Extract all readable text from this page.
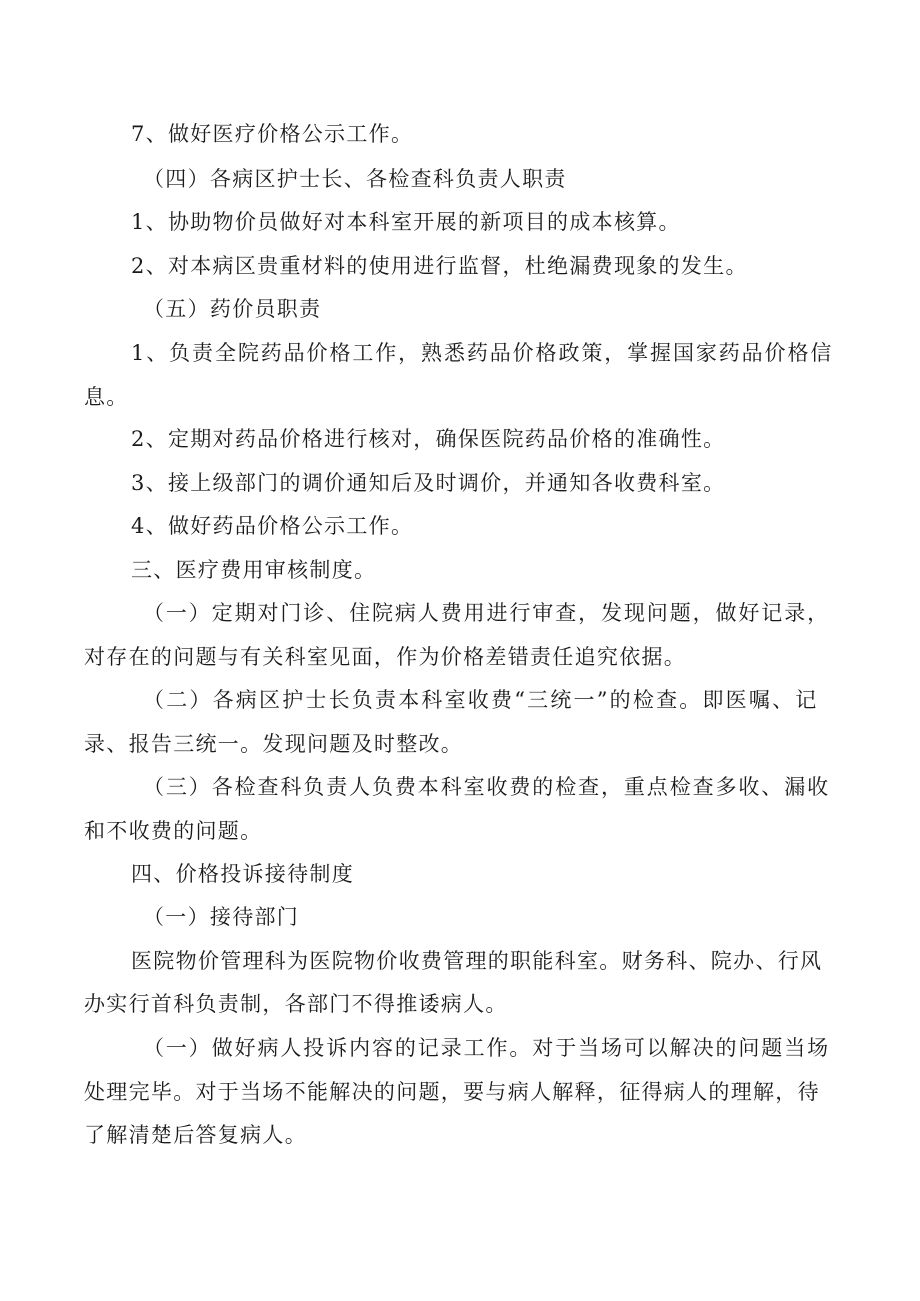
7、做好医疗价格公示工作。
（四）各病区护士长、各检查科负责人职责
1、协助物价员做好对本科室开展的新项目的成本核算。
2、对本病区贵重材料的使用进行监督，杜绝漏费现象的发生。
（五）药价员职责
1、负责全院药品价格工作，熟悉药品价格政策，掌握国家药品价格信
息。
2、定期对药品价格进行核对，确保医院药品价格的准确性。
3、接上级部门的调价通知后及时调价，并通知各收费科室。
4、做好药品价格公示工作。
三、医疗费用审核制度。
（一）定期对门诊、住院病人费用进行审查，发现问题，做好记录，
对存在的问题与有关科室见面，作为价格差错责任追究依据。
（二）各病区护士长负责本科室收费“三统一”的检查。即医嘱、记
录、报告三统一。发现问题及时整改。
（三）各检查科负责人负费本科室收费的检查，重点检查多收、漏收
和不收费的问题。
四、价格投诉接待制度
（一）接待部门
医院物价管理科为医院物价收费管理的职能科室。财务科、院办、行风
办实行首科负责制，各部门不得推诿病人。
（一）做好病人投诉内容的记录工作。对于当场可以解决的问题当场
处理完毕。对于当场不能解决的问题，要与病人解释，征得病人的理解，待
了解清楚后答复病人。
